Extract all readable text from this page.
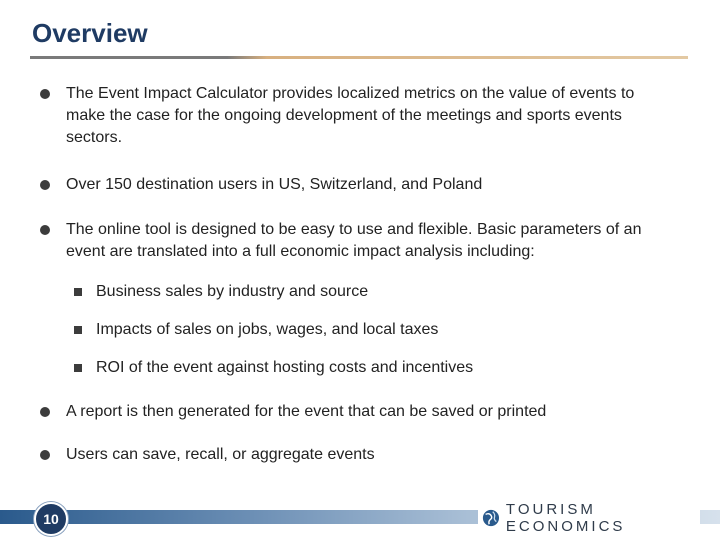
Overview
The Event Impact Calculator provides localized metrics on the value of events to make the case for the ongoing development of the meetings and sports events sectors.
Over 150 destination users in US, Switzerland, and Poland
The online tool is designed to be easy to use and flexible. Basic parameters of an event are translated into a full economic impact analysis including:
Business sales by industry and source
Impacts of sales on jobs, wages, and local taxes
ROI of the event against hosting costs and incentives
A report is then generated for the event that can be saved or printed
Users can save, recall, or aggregate events
10
TOURISM ECONOMICS
